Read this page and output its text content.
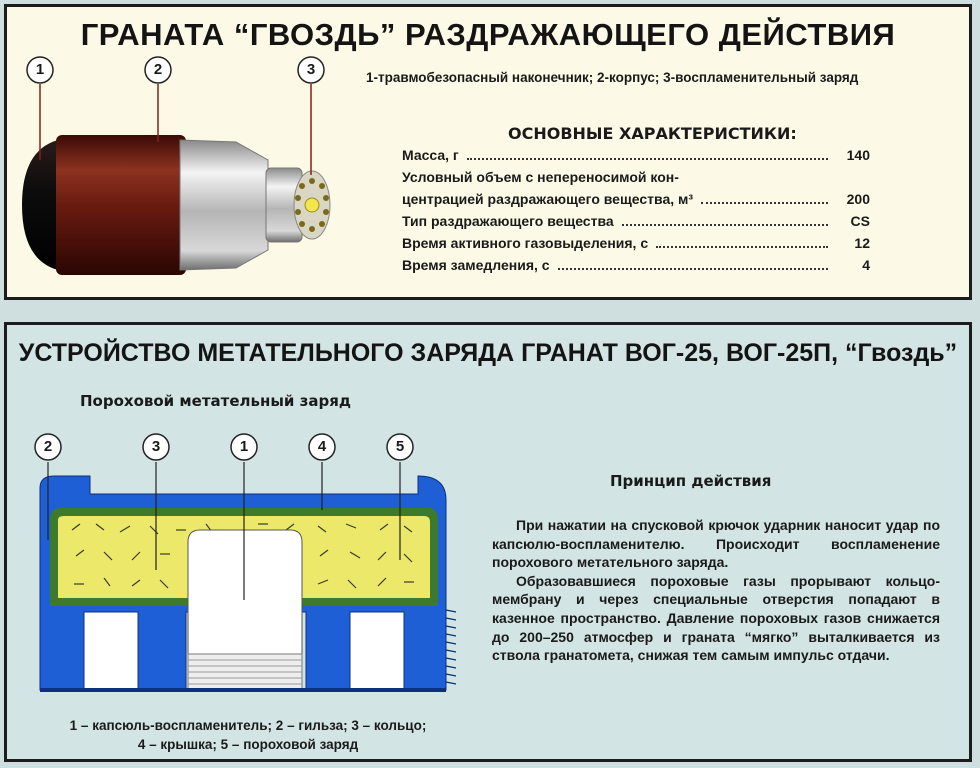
ГРАНАТА “ГВОЗДЬ” РАЗДРАЖАЮЩЕГО ДЕЙСТВИЯ
УСТРОЙСТВО МЕТАТЕЛЬНОГО ЗАРЯДА ГРАНАТ ВОГ-25, ВОГ-25П, “Гвоздь”
1	2	3	1-травмобезопасный наконечник; 2-корпус; 3-воспламенительный заряд
ОСНОВНЫЕ ХАРАКТЕРИСТИКИ:
Масса, г	140
Условный объем с непереносимой кон-
центрацией раздражающего вещества, м³	200
Тип раздражающего вещества	CS
Время активного газовыделения, с	12
Время замедления, с	4
Пороховой метательный заряд
2	3	1	4	5
Принцип действия

При нажатии на спусковой крючок ударник наносит удар по капсюлю-воспламенителю. Происходит воспламенение порохового метательного заряда.

Образовавшиеся пороховые газы прорывают кольцо-мембрану и через специальные отверстия попадают в казенное пространство. Давление пороховых газов снижается до 200–250 атмосфер и граната “мягко” выталкивается из ствола гранатомета, снижая тем самым импульс отдачи.

1 – капсюль-воспламенитель; 2 – гильза; 3 – кольцо;
4 – крышка; 5 – пороховой заряд
